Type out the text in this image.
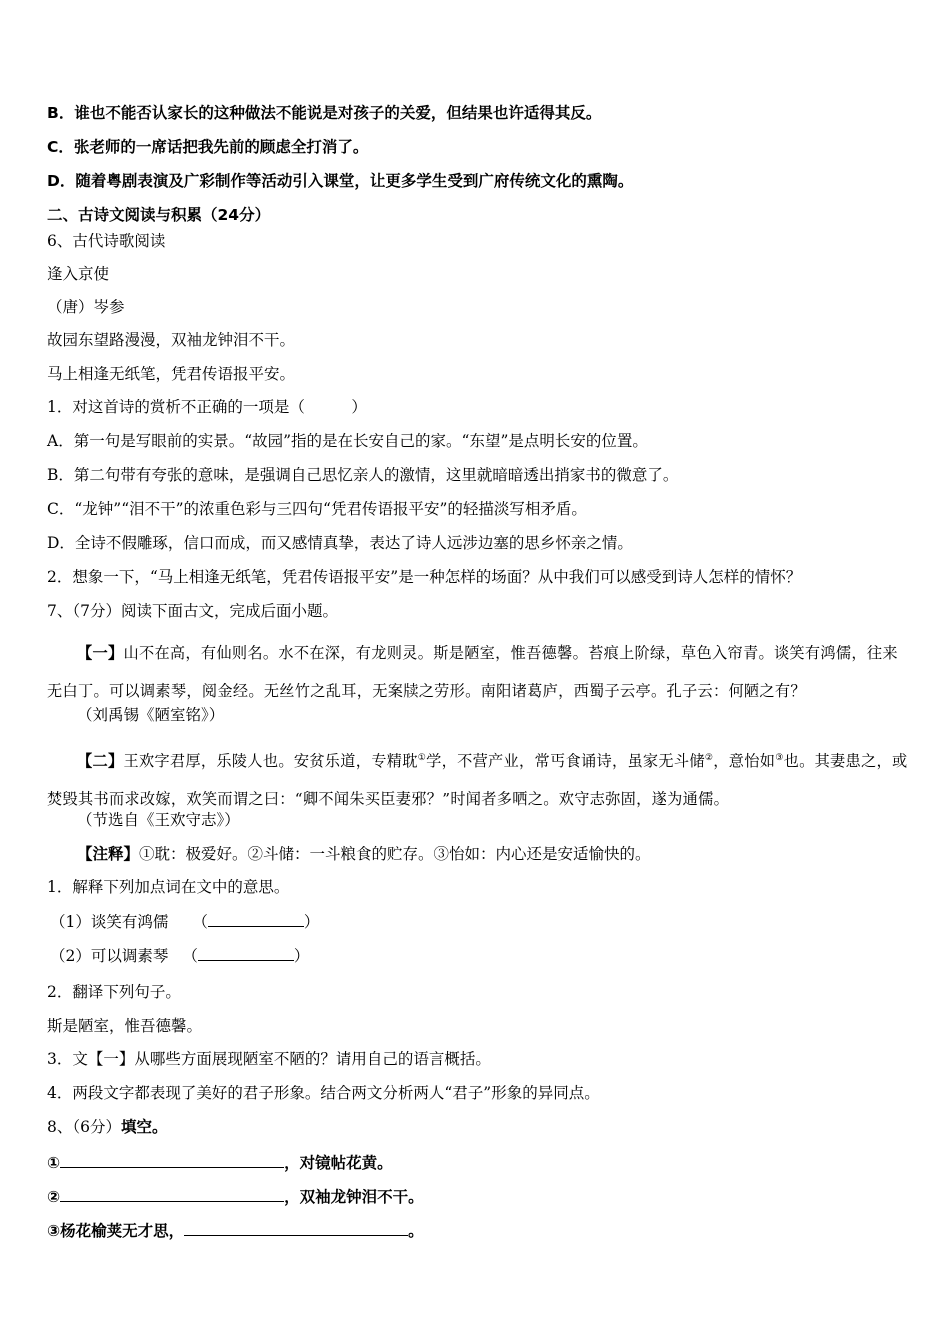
B．谁也不能否认家长的这种做法不能说是对孩子的关爱，但结果也许适得其反。
C．张老师的一席话把我先前的顾虑全打消了。
D．随着粤剧表演及广彩制作等活动引入课堂，让更多学生受到广府传统文化的熏陶。
二、古诗文阅读与积累（24分）
6、古代诗歌阅读
逢入京使
（唐）岑参
故园东望路漫漫，双袖龙钟泪不干。
马上相逢无纸笔，凭君传语报平安。
1．对这首诗的赏析不正确的一项是（　　　）
A．第一句是写眼前的实景。“故园”指的是在长安自己的家。“东望”是点明长安的位置。
B．第二句带有夸张的意味，是强调自己思忆亲人的激情，这里就暗暗透出捎家书的微意了。
C．“龙钟”“泪不干”的浓重色彩与三四句“凭君传语报平安”的轻描淡写相矛盾。
D．全诗不假雕琢，信口而成，而又感情真挚，表达了诗人远涉边塞的思乡怀亲之情。
2．想象一下，“马上相逢无纸笔，凭君传语报平安”是一种怎样的场面？从中我们可以感受到诗人怎样的情怀？
7、（7分）阅读下面古文，完成后面小题。
【一】山不在高，有仙则名。水不在深，有龙则灵。斯是陋室，惟吾德馨。苔痕上阶绿，草色入帘青。谈笑有鸿儒，往来无白丁。可以调素琴，阅金经。无丝竹之乱耳，无案牍之劳形。南阳诸葛庐，西蜀子云亭。孔子云：何陋之有？
（刘禹锡《陋室铭》）
【二】王欢字君厚，乐陵人也。安贫乐道，专精耽①学，不营产业，常丐食诵诗，虽家无斗储②，意怡如③也。其妻患之，或焚毁其书而求改嫁，欢笑而谓之曰：“卿不闻朱买臣妻邪？”时闻者多哂之。欢守志弥固，遂为通儒。
（节选自《王欢守志》）
【注释】①耽：极爱好。②斗储：一斗粮食的贮存。③怡如：内心还是安适愉快的。
1．解释下列加点词在文中的意思。
（1）谈笑有鸿儒 （	）
（2）可以调素琴 （	）
2．翻译下列句子。
斯是陋室，惟吾德馨。
3．文【一】从哪些方面展现陋室不陋的？请用自己的语言概括。
4．两段文字都表现了美好的君子形象。结合两文分析两人“君子”形象的异同点。
8、（6分）填空。
①	，对镜帖花黄。
②	，双袖龙钟泪不干。
③杨花榆荚无才思，	。
